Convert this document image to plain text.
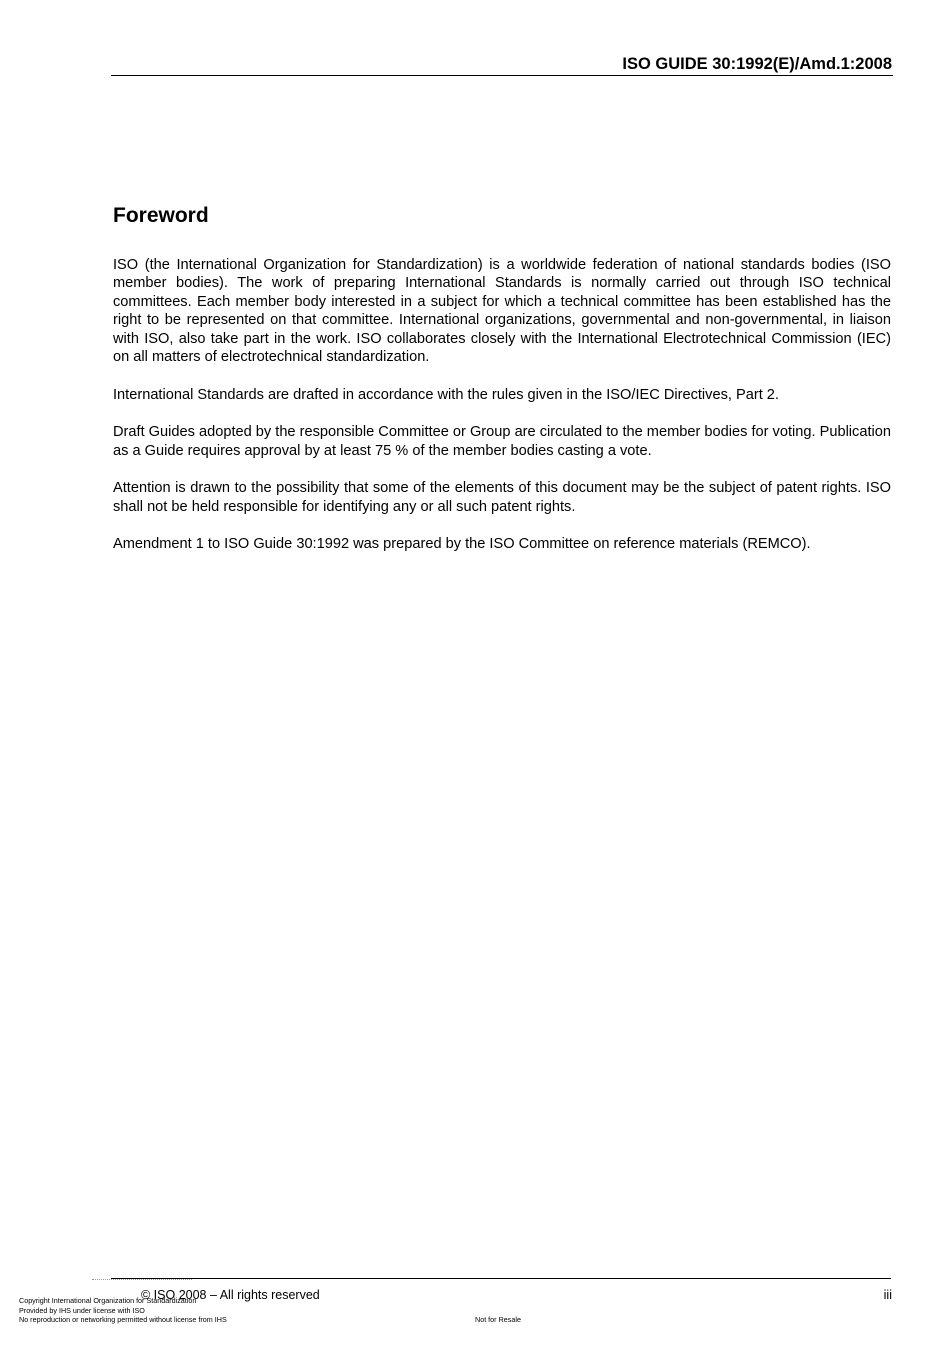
ISO GUIDE 30:1992(E)/Amd.1:2008
Foreword

ISO (the International Organization for Standardization) is a worldwide federation of national standards bodies (ISO member bodies). The work of preparing International Standards is normally carried out through ISO technical committees. Each member body interested in a subject for which a technical committee has been established has the right to be represented on that committee. International organizations, governmental and non-governmental, in liaison with ISO, also take part in the work. ISO collaborates closely with the International Electrotechnical Commission (IEC) on all matters of electrotechnical standardization.

International Standards are drafted in accordance with the rules given in the ISO/IEC Directives, Part 2.

Draft Guides adopted by the responsible Committee or Group are circulated to the member bodies for voting. Publication as a Guide requires approval by at least 75 % of the member bodies casting a vote.

Attention is drawn to the possibility that some of the elements of this document may be the subject of patent rights. ISO shall not be held responsible for identifying any or all such patent rights.

Amendment 1 to ISO Guide 30:1992 was prepared by the ISO Committee on reference materials (REMCO).

© ISO 2008 – All rights reserved	iii
Copyright International Organization for Standardization
Provided by IHS under license with ISO
No reproduction or networking permitted without license from IHS	Not for Resale
